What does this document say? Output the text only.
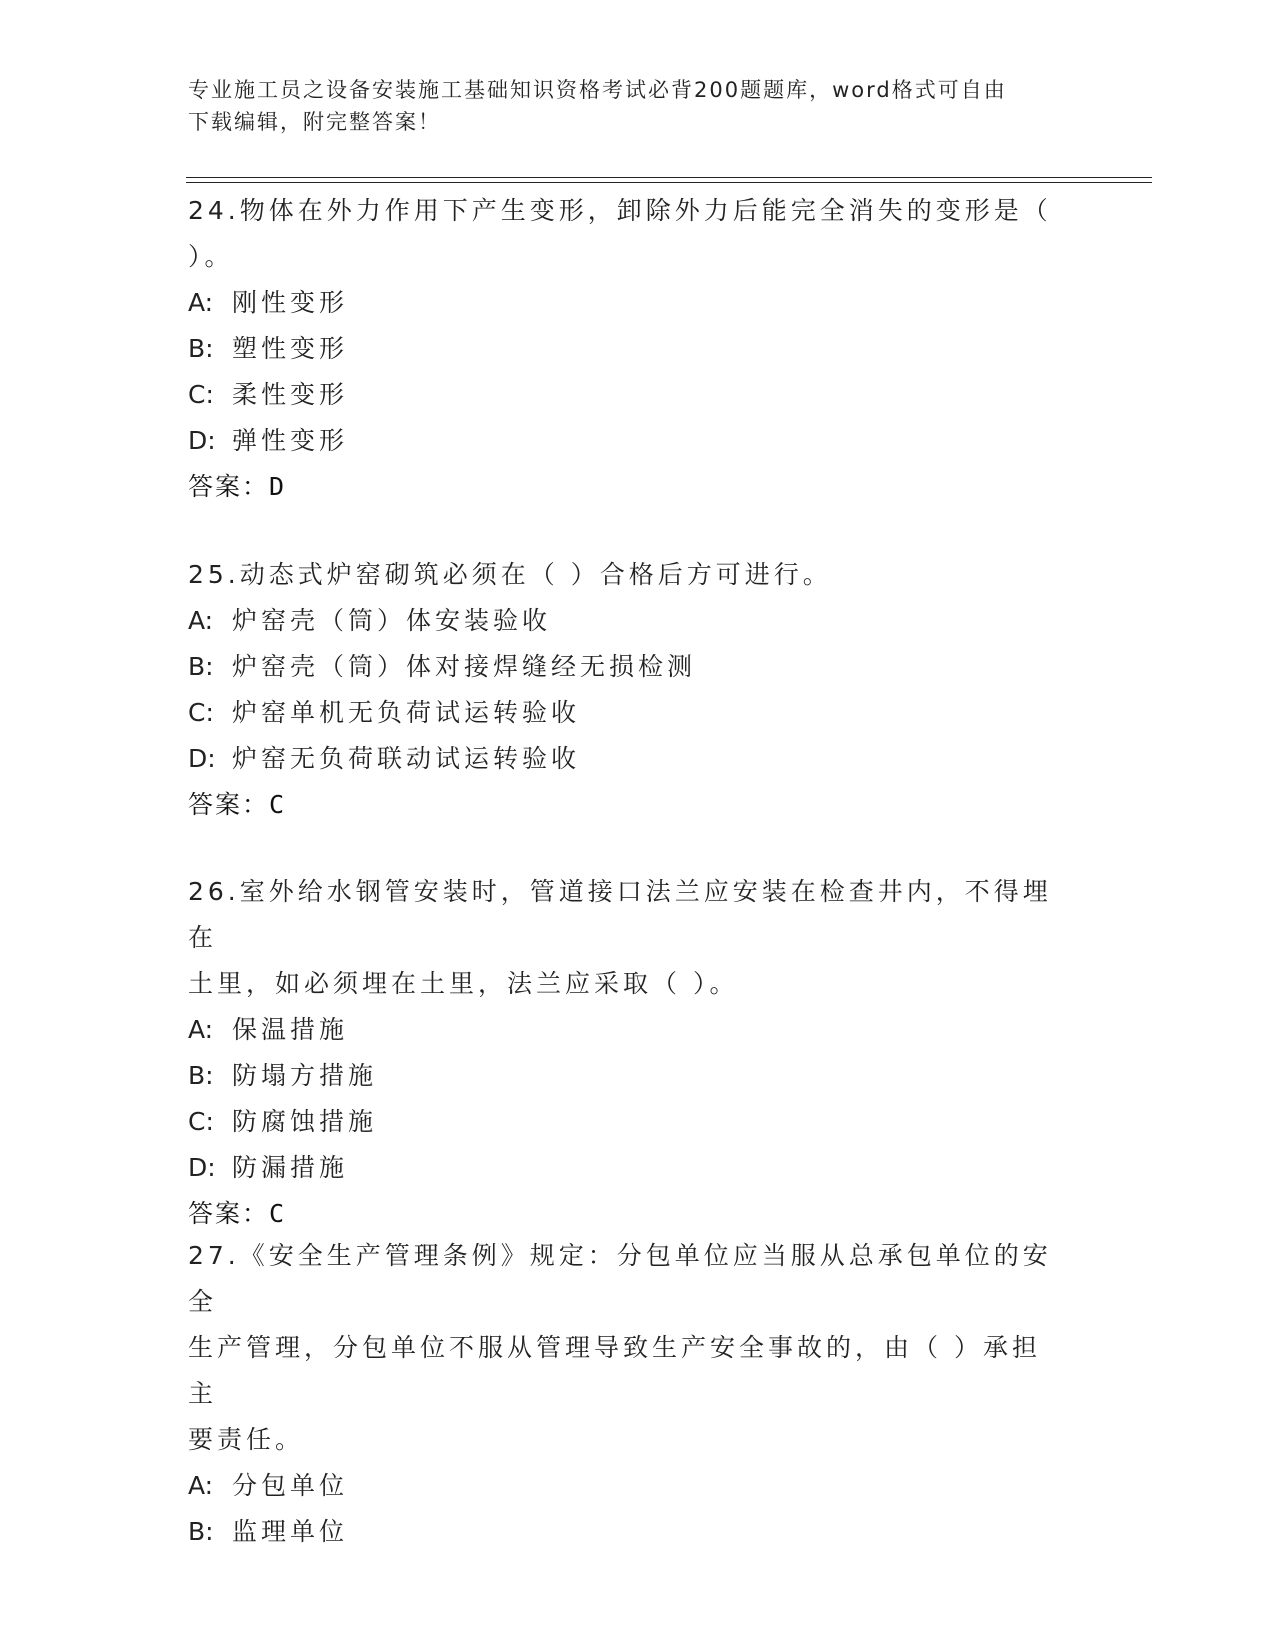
专业施工员之设备安装施工基础知识资格考试必背200题题库，word格式可自由
下载编辑，附完整答案！

24.物体在外力作用下产生变形，卸除外力后能完全消失的变形是（

）。

A: 刚性变形

B: 塑性变形

C: 柔性变形

D: 弹性变形

答案：D

25.动态式炉窑砌筑必须在（ ）合格后方可进行。

A: 炉窑壳（筒）体安装验收

B: 炉窑壳（筒）体对接焊缝经无损检测

C: 炉窑单机无负荷试运转验收

D: 炉窑无负荷联动试运转验收

答案：C

26.室外给水钢管安装时，管道接口法兰应安装在检查井内，不得埋在

土里，如必须埋在土里，法兰应采取（ ）。

A: 保温措施

B: 防塌方措施

C: 防腐蚀措施

D: 防漏措施

答案：C

27.《安全生产管理条例》规定：分包单位应当服从总承包单位的安全

生产管理，分包单位不服从管理导致生产安全事故的，由（ ）承担主

要责任。

A: 分包单位

B: 监理单位
